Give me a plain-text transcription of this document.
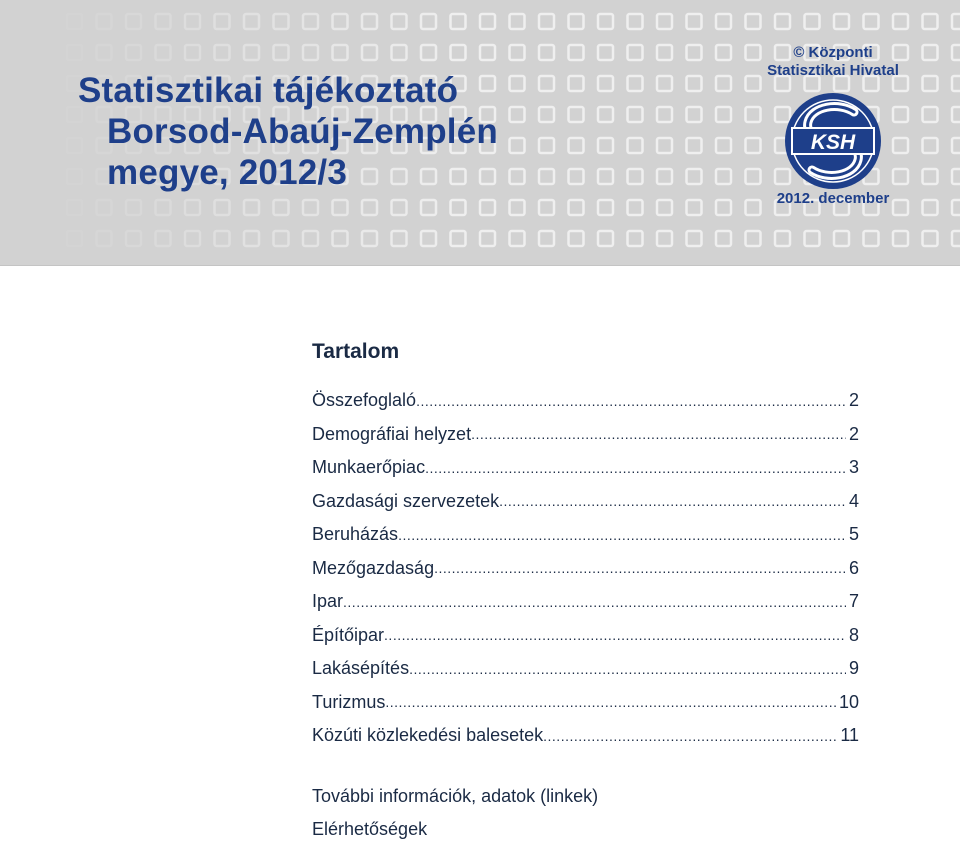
Statisztikai tájékoztató
Borsod-Abaúj-Zemplén
megye, 2012/3
© Központi
Statisztikai Hivatal
KSH
2012. december
Tartalom
Összefoglaló .....	2
Demográfiai helyzet .....	2
Munkaerőpiac .....	3
Gazdasági szervezetek .....	4
Beruházás .....	5
Mezőgazdaság .....	6
Ipar .....	7
Építőipar .....	8
Lakásépítés .....	9
Turizmus .....	10
Közúti közlekedési balesetek .....	11

További információk, adatok (linkek)

Elérhetőségek
